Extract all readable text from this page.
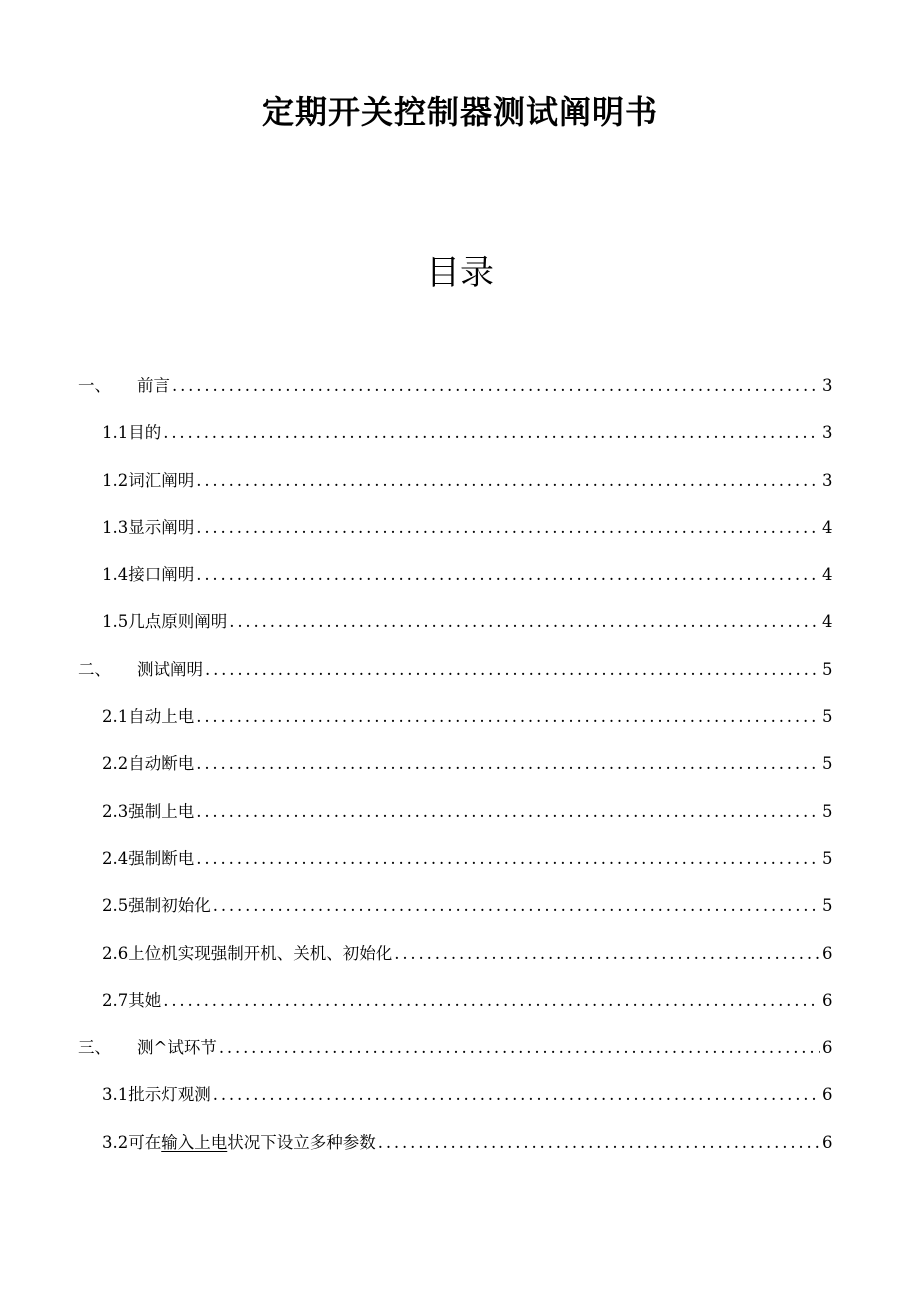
定期开关控制器测试阐明书
目录
一、 前言 . . .	3
1.1目的 . . .	3
1.2词汇阐明 . . .	3
1.3显示阐明 . . .	4
1.4接口阐明 . . .	4
1.5几点原则阐明 . . .	4
二、 测试阐明 . . .	5
2.1自动上电 . . .	5
2.2自动断电 . . .	5
2.3强制上电 . . .	5
2.4强制断电 . . .	5
2.5强制初始化 . . .	5
2.6上位机实现强制开机、关机、初始化 . . .	6
2.7其她 . . .	6
三、 测^试环节 . . .	6
3.1批示灯观测 . . .	6
3.2可在输入上电状况下设立多种参数 . . .	6
